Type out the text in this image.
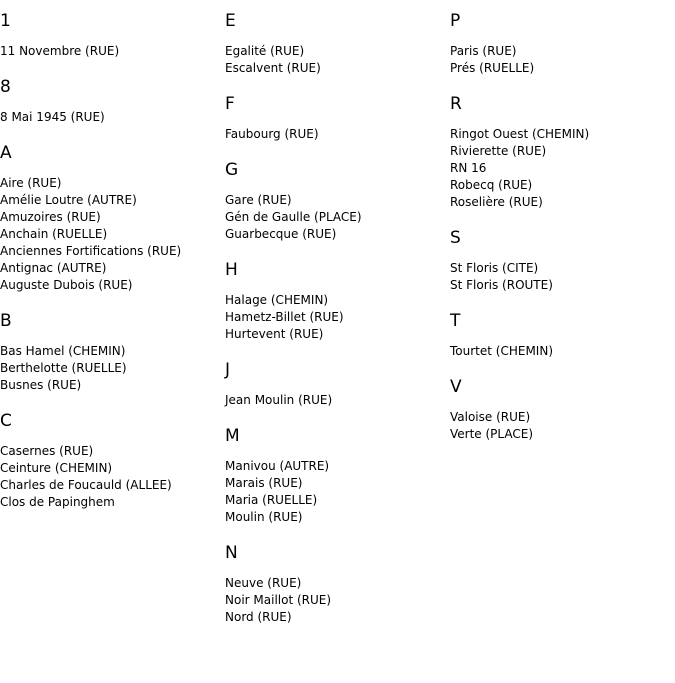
1
11 Novembre (RUE)
8
8 Mai 1945 (RUE)
A
Aire (RUE)
Amélie Loutre (AUTRE)
Amuzoires (RUE)
Anchain (RUELLE)
Anciennes Fortifications (RUE)
Antignac (AUTRE)
Auguste Dubois (RUE)
B
Bas Hamel (CHEMIN)
Berthelotte (RUELLE)
Busnes (RUE)
C
Casernes (RUE)
Ceinture (CHEMIN)
Charles de Foucauld (ALLEE)
Clos de Papinghem
E
Egalité (RUE)
Escalvent (RUE)
F
Faubourg (RUE)
G
Gare (RUE)
Gén de Gaulle (PLACE)
Guarbecque (RUE)
H
Halage (CHEMIN)
Hametz-Billet (RUE)
Hurtevent (RUE)
J
Jean Moulin (RUE)
M
Manivou (AUTRE)
Marais (RUE)
Maria (RUELLE)
Moulin (RUE)
N
Neuve (RUE)
Noir Maillot (RUE)
Nord (RUE)
P
Paris (RUE)
Prés (RUELLE)
R
Ringot Ouest (CHEMIN)
Rivierette (RUE)
RN 16
Robecq (RUE)
Roselière (RUE)
S
St Floris (CITE)
St Floris (ROUTE)
T
Tourtet (CHEMIN)
V
Valoise (RUE)
Verte (PLACE)
